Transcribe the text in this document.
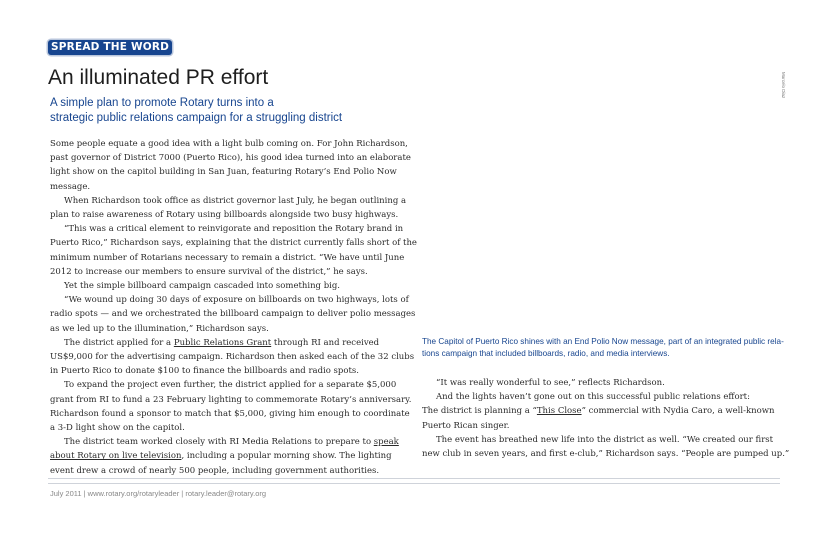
SPREAD THE WORD
An illuminated PR effort
A simple plan to promote Rotary turns into a
strategic public relations campaign for a struggling district
Marcelo Diaz
Some people equate a good idea with a light bulb coming on. For John Richardson,
past governor of District 7000 (Puerto Rico), his good idea turned into an elaborate
light show on the capitol building in San Juan, featuring Rotary’s End Polio Now
message.
When Richardson took office as district governor last July, he began outlining a
plan to raise awareness of Rotary using billboards alongside two busy highways.
“This was a critical element to reinvigorate and reposition the Rotary brand in
Puerto Rico,” Richardson says, explaining that the district currently falls short of the
minimum number of Rotarians necessary to remain a district. “We have until June
2012 to increase our members to ensure survival of the district,” he says.
Yet the simple billboard campaign cascaded into something big.
“We wound up doing 30 days of exposure on billboards on two highways, lots of
radio spots — and we orchestrated the billboard campaign to deliver polio messages
as we led up to the illumination,” Richardson says.
The district applied for a Public Relations Grant through RI and received
US$9,000 for the advertising campaign. Richardson then asked each of the 32 clubs
in Puerto Rico to donate $100 to finance the billboards and radio spots.
To expand the project even further, the district applied for a separate $5,000
grant from RI to fund a 23 February lighting to commemorate Rotary’s anniversary.
Richardson found a sponsor to match that $5,000, giving him enough to coordinate
a 3-D light show on the capitol.
The district team worked closely with RI Media Relations to prepare to speak
about Rotary on live television, including a popular morning show. The lighting
event drew a crowd of nearly 500 people, including government authorities.
The Capitol of Puerto Rico shines with an End Polio Now message, part of an integrated public rela-
tions campaign that included billboards, radio, and media interviews.
“It was really wonderful to see,” reflects Richardson.
And the lights haven’t gone out on this successful public relations effort:
The district is planning a “This Close” commercial with Nydia Caro, a well-known
Puerto Rican singer.
The event has breathed new life into the district as well. “We created our first
new club in seven years, and first e-club,” Richardson says. “People are pumped up.”
July 2011 | www.rotary.org/rotaryleader | rotary.leader@rotary.org
